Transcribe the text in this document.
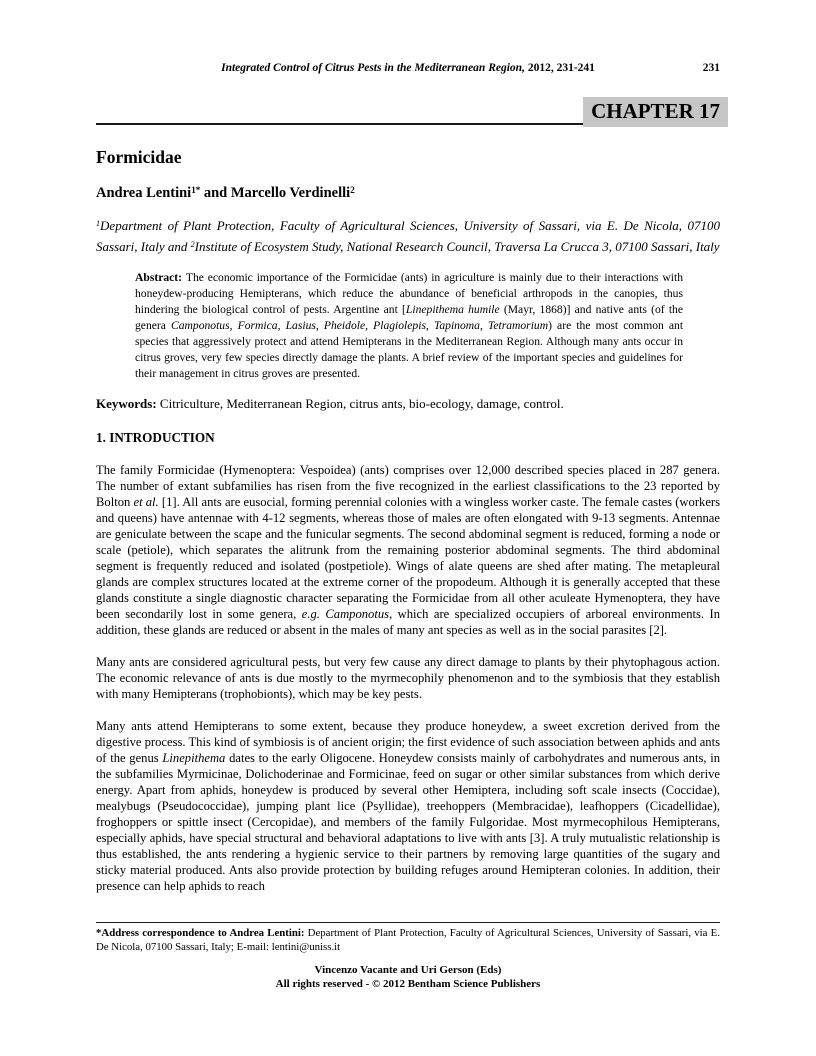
Integrated Control of Citrus Pests in the Mediterranean Region, 2012, 231-241	231
CHAPTER 17
Formicidae
Andrea Lentini$^{1*}$ and Marcello Verdinelli$^2$
$^1$Department of Plant Protection, Faculty of Agricultural Sciences, University of Sassari, via E. De Nicola, 07100 Sassari, Italy and $^2$Institute of Ecosystem Study, National Research Council, Traversa La Crucca 3, 07100 Sassari, Italy
Abstract: The economic importance of the Formicidae (ants) in agriculture is mainly due to their interactions with honeydew-producing Hemipterans, which reduce the abundance of beneficial arthropods in the canopies, thus hindering the biological control of pests. Argentine ant [Linepithema humile (Mayr, 1868)] and native ants (of the genera Camponotus, Formica, Lasius, Pheidole, Plagiolepis, Tapinoma, Tetramorium) are the most common ant species that aggressively protect and attend Hemipterans in the Mediterranean Region. Although many ants occur in citrus groves, very few species directly damage the plants. A brief review of the important species and guidelines for their management in citrus groves are presented.
Keywords: Citriculture, Mediterranean Region, citrus ants, bio-ecology, damage, control.
1. INTRODUCTION

The family Formicidae (Hymenoptera: Vespoidea) (ants) comprises over 12,000 described species placed in 287 genera. The number of extant subfamilies has risen from the five recognized in the earliest classifications to the 23 reported by Bolton et al. [1]. All ants are eusocial, forming perennial colonies with a wingless worker caste. The female castes (workers and queens) have antennae with 4-12 segments, whereas those of males are often elongated with 9-13 segments. Antennae are geniculate between the scape and the funicular segments. The second abdominal segment is reduced, forming a node or scale (petiole), which separates the alitrunk from the remaining posterior abdominal segments. The third abdominal segment is frequently reduced and isolated (postpetiole). Wings of alate queens are shed after mating. The metapleural glands are complex structures located at the extreme corner of the propodeum. Although it is generally accepted that these glands constitute a single diagnostic character separating the Formicidae from all other aculeate Hymenoptera, they have been secondarily lost in some genera, e.g. Camponotus, which are specialized occupiers of arboreal environments. In addition, these glands are reduced or absent in the males of many ant species as well as in the social parasites [2].

Many ants are considered agricultural pests, but very few cause any direct damage to plants by their phytophagous action. The economic relevance of ants is due mostly to the myrmecophily phenomenon and to the symbiosis that they establish with many Hemipterans (trophobionts), which may be key pests.

Many ants attend Hemipterans to some extent, because they produce honeydew, a sweet excretion derived from the digestive process. This kind of symbiosis is of ancient origin; the first evidence of such association between aphids and ants of the genus Linepithema dates to the early Oligocene. Honeydew consists mainly of carbohydrates and numerous ants, in the subfamilies Myrmicinae, Dolichoderinae and Formicinae, feed on sugar or other similar substances from which derive energy. Apart from aphids, honeydew is produced by several other Hemiptera, including soft scale insects (Coccidae), mealybugs (Pseudococcidae), jumping plant lice (Psyllidae), treehoppers (Membracidae), leafhoppers (Cicadellidae), froghoppers or spittle insect (Cercopidae), and members of the family Fulgoridae. Most myrmecophilous Hemipterans, especially aphids, have special structural and behavioral adaptations to live with ants [3]. A truly mutualistic relationship is thus established, the ants rendering a hygienic service to their partners by removing large quantities of the sugary and sticky material produced. Ants also provide protection by building refuges around Hemipteran colonies. In addition, their presence can help aphids to reach

*Address correspondence to Andrea Lentini: Department of Plant Protection, Faculty of Agricultural Sciences, University of Sassari, via E. De Nicola, 07100 Sassari, Italy; E-mail: lentini@uniss.it
Vincenzo Vacante and Uri Gerson (Eds)
All rights reserved - © 2012 Bentham Science Publishers
